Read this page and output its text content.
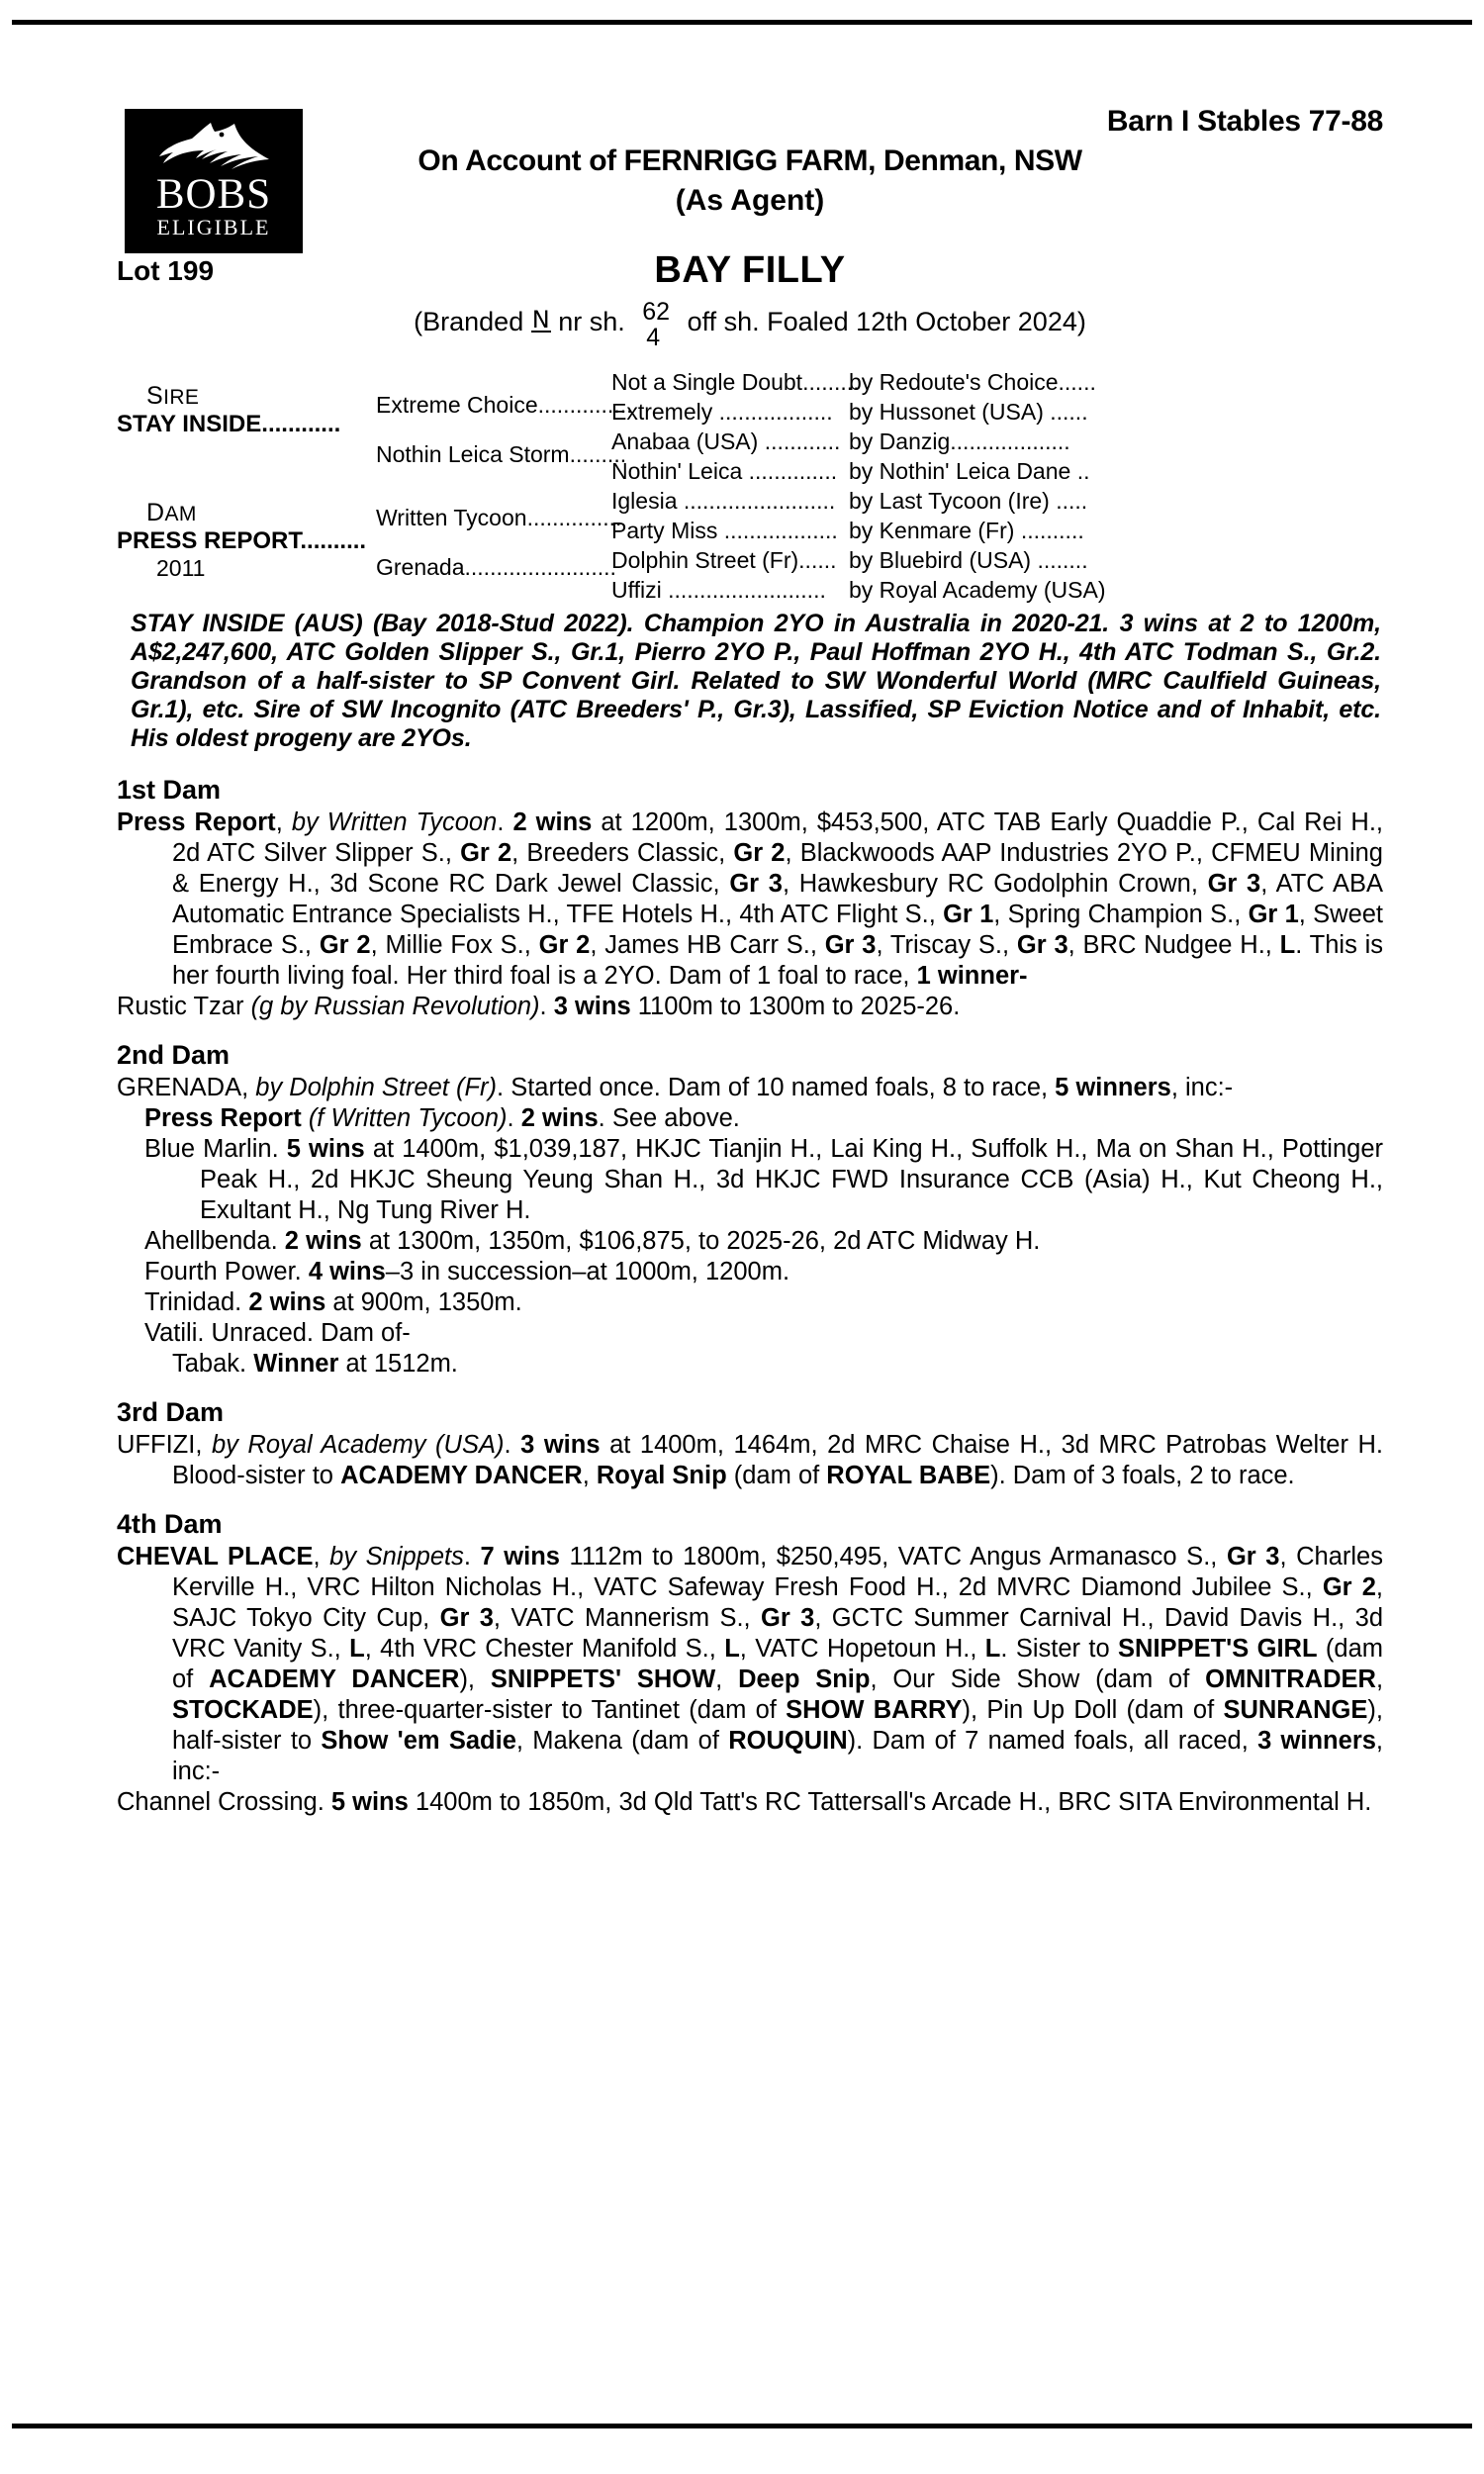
BOBS
ELIGIBLE
Barn I Stables 77-88
On Account of FERNRIGG FARM, Denman, NSW
(As Agent)
Lot 199	BAY FILLY
(Branded N nr sh. 62
4
off sh. Foaled 12th October 2024)
SIRE
STAY INSIDE............
DAM
PRESS REPORT..........
2011
Extreme Choice...............
Nothin Leica Storm.........
Written Tycoon...............
Grenada........................
Not a Single Doubt.........
Extremely ..................
Anabaa (USA) ............
Nothin' Leica ..............
Iglesia ........................
Party Miss ..................
Dolphin Street (Fr)......
Uffizi .........................
by Redoute's Choice......
by Hussonet (USA) ......
by Danzig...................
by Nothin' Leica Dane ..
by Last Tycoon (Ire) .....
by Kenmare (Fr) ..........
by Bluebird (USA) ........
by Royal Academy (USA)
STAY INSIDE (AUS) (Bay 2018-Stud 2022). Champion 2YO in Australia in 2020-21. 3 wins at 2 to 1200m, A$2,247,600, ATC Golden Slipper S., Gr.1, Pierro 2YO P., Paul Hoffman 2YO H., 4th ATC Todman S., Gr.2. Grandson of a half-sister to SP Convent Girl. Related to SW Wonderful World (MRC Caulfield Guineas, Gr.1), etc. Sire of SW Incognito (ATC Breeders' P., Gr.3), Lassified, SP Eviction Notice and of Inhabit, etc. His oldest progeny are 2YOs.
1st Dam

Press Report, by Written Tycoon. 2 wins at 1200m, 1300m, $453,500, ATC TAB Early Quaddie P., Cal Rei H., 2d ATC Silver Slipper S., Gr 2, Breeders Classic, Gr 2, Blackwoods AAP Industries 2YO P., CFMEU Mining & Energy H., 3d Scone RC Dark Jewel Classic, Gr 3, Hawkesbury RC Godolphin Crown, Gr 3, ATC ABA Automatic Entrance Specialists H., TFE Hotels H., 4th ATC Flight S., Gr 1, Spring Champion S., Gr 1, Sweet Embrace S., Gr 2, Millie Fox S., Gr 2, James HB Carr S., Gr 3, Triscay S., Gr 3, BRC Nudgee H., L. This is her fourth living foal. Her third foal is a 2YO. Dam of 1 foal to race, 1 winner-

Rustic Tzar (g by Russian Revolution). 3 wins 1100m to 1300m to 2025-26.

2nd Dam

GRENADA, by Dolphin Street (Fr). Started once. Dam of 10 named foals, 8 to race, 5 winners, inc:-

Press Report (f Written Tycoon). 2 wins. See above.

Blue Marlin. 5 wins at 1400m, $1,039,187, HKJC Tianjin H., Lai King H., Suffolk H., Ma on Shan H., Pottinger Peak H., 2d HKJC Sheung Yeung Shan H., 3d HKJC FWD Insurance CCB (Asia) H., Kut Cheong H., Exultant H., Ng Tung River H.

Ahellbenda. 2 wins at 1300m, 1350m, $106,875, to 2025-26, 2d ATC Midway H.

Fourth Power. 4 wins–3 in succession–at 1000m, 1200m.

Trinidad. 2 wins at 900m, 1350m.

Vatili. Unraced. Dam of-

Tabak. Winner at 1512m.

3rd Dam

UFFIZI, by Royal Academy (USA). 3 wins at 1400m, 1464m, 2d MRC Chaise H., 3d MRC Patrobas Welter H. Blood-sister to ACADEMY DANCER, Royal Snip (dam of ROYAL BABE). Dam of 3 foals, 2 to race.

4th Dam

CHEVAL PLACE, by Snippets. 7 wins 1112m to 1800m, $250,495, VATC Angus Armanasco S., Gr 3, Charles Kerville H., VRC Hilton Nicholas H., VATC Safeway Fresh Food H., 2d MVRC Diamond Jubilee S., Gr 2, SAJC Tokyo City Cup, Gr 3, VATC Mannerism S., Gr 3, GCTC Summer Carnival H., David Davis H., 3d VRC Vanity S., L, 4th VRC Chester Manifold S., L, VATC Hopetoun H., L. Sister to SNIPPET'S GIRL (dam of ACADEMY DANCER), SNIPPETS' SHOW, Deep Snip, Our Side Show (dam of OMNITRADER, STOCKADE), three-quarter-sister to Tantinet (dam of SHOW BARRY), Pin Up Doll (dam of SUNRANGE), half-sister to Show 'em Sadie, Makena (dam of ROUQUIN). Dam of 7 named foals, all raced, 3 winners, inc:-

Channel Crossing. 5 wins 1400m to 1850m, 3d Qld Tatt's RC Tattersall's Arcade H., BRC SITA Environmental H.
